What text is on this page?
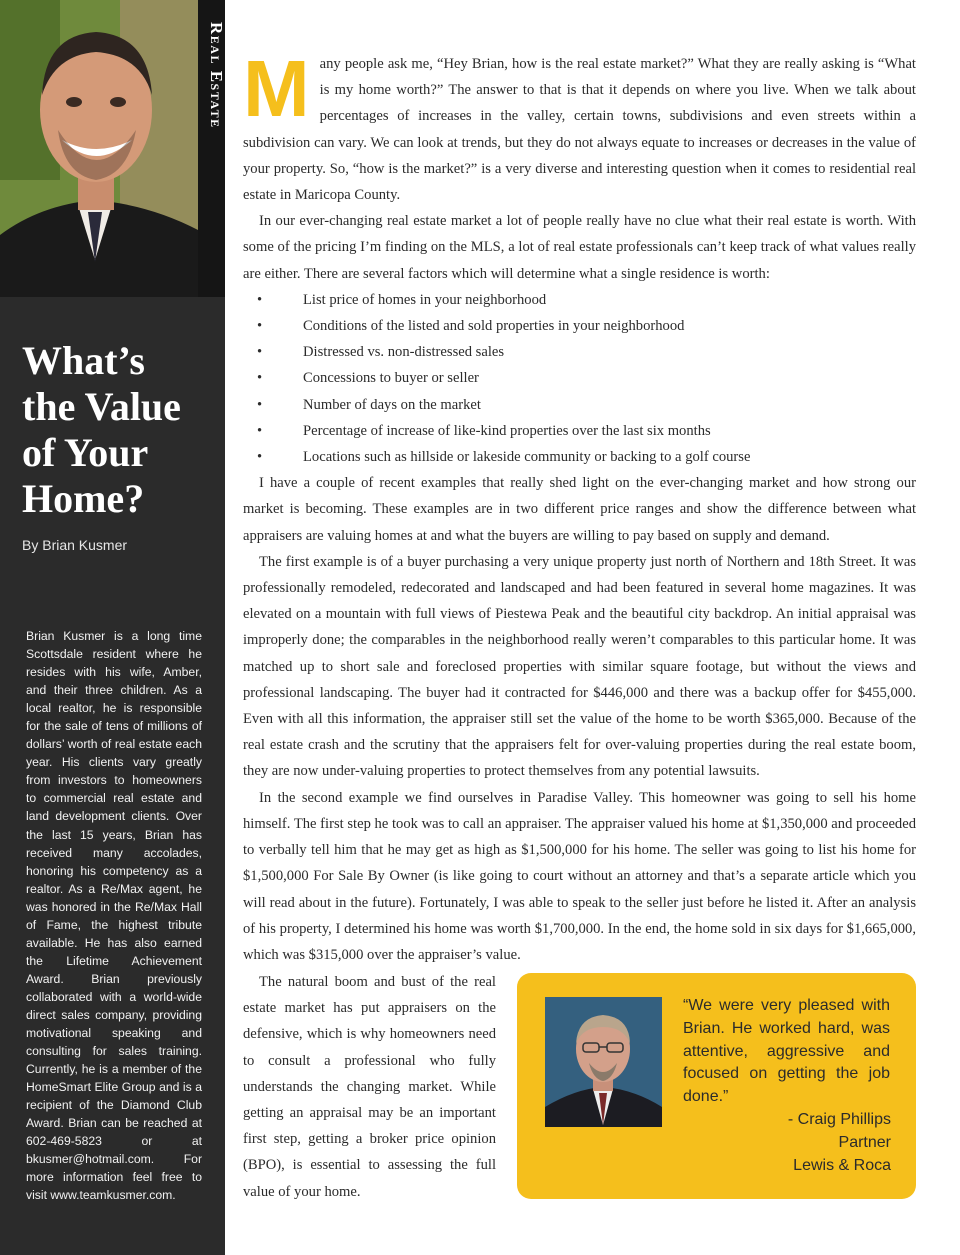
Real Estate
What’s
the Value
of Your
Home?
By Brian Kusmer
Brian Kusmer is a long time Scottsdale resident where he resides with his wife, Amber, and their three children. As a local realtor, he is responsible for the sale of tens of millions of dollars’ worth of real estate each year. His clients vary greatly from investors to homeowners to commercial real estate and land development clients. Over the last 15 years, Brian has received many accolades, honoring his competency as a realtor. As a Re/Max agent, he was honored in the Re/Max Hall of Fame, the highest tribute available. He has also earned the Lifetime Achievement Award. Brian previously collaborated with a world-wide direct sales company, providing motivational speaking and consulting for sales training. Currently, he is a member of the HomeSmart Elite Group and is a recipient of the Diamond Club Award. Brian can be reached at 602-469-5823 or at bkusmer@hotmail.com. For more information feel free to visit www.teamkusmer.com.

M any people ask me, “Hey Brian, how is the real estate market?” What they are really asking is “What is my home worth?” The answer to that is that it depends on where you live. When we talk about percentages of increases in the valley, certain towns, subdivisions and even streets within a subdivision can vary. We can look at trends, but they do not always equate to increases or decreases in the value of your property. So, “how is the market?” is a very diverse and interesting question when it comes to residential real estate in Maricopa County.

In our ever-changing real estate market a lot of people really have no clue what their real estate is worth. With some of the pricing I’m finding on the MLS, a lot of real estate professionals can’t keep track of what values really are either. There are several factors which will determine what a single residence is worth:

•	List price of homes in your neighborhood
•	Conditions of the listed and sold properties in your neighborhood
•	Distressed vs. non-distressed sales
•	Concessions to buyer or seller
•	Number of days on the market
•	Percentage of increase of like-kind properties over the last six months
•	Locations such as hillside or lakeside community or backing to a golf course

I have a couple of recent examples that really shed light on the ever-changing market and how strong our market is becoming. These examples are in two different price ranges and show the difference between what appraisers are valuing homes at and what the buyers are willing to pay based on supply and demand.

The first example is of a buyer purchasing a very unique property just north of Northern and 18th Street. It was professionally remodeled, redecorated and landscaped and had been featured in several home magazines. It was elevated on a mountain with full views of Piestewa Peak and the beautiful city backdrop. An initial appraisal was improperly done; the comparables in the neighborhood really weren’t comparables to this particular home. It was matched up to short sale and foreclosed properties with similar square footage, but without the views and professional landscaping. The buyer had it contracted for $446,000 and there was a backup offer for $455,000. Even with all this information, the appraiser still set the value of the home to be worth $365,000. Because of the real estate crash and the scrutiny that the appraisers felt for over-valuing properties during the real estate boom, they are now under-valuing properties to protect themselves from any potential lawsuits.

In the second example we find ourselves in Paradise Valley. This homeowner was going to sell his home himself. The first step he took was to call an appraiser. The appraiser valued his home at $1,350,000 and proceeded to verbally tell him that he may get as high as $1,500,000 for his home. The seller was going to list his home for $1,500,000 For Sale By Owner (is like going to court without an attorney and that’s a separate article which you will read about in the future). Fortunately, I was able to speak to the seller just before he listed it. After an analysis of his property, I determined his home was worth $1,700,000. In the end, the home sold in six days for $1,665,000, which was $315,000 over the appraiser’s value.

The natural boom and bust of the real estate market has put appraisers on the defensive, which is why homeowners need to consult a professional who fully understands the changing market. While getting an appraisal may be an important first step, getting a broker price opinion (BPO), is essential to assessing the full value of your home.

“We were very pleased with Brian. He worked hard, was attentive, aggressive and focused on getting the job done.”
- Craig Phillips
Partner
Lewis & Roca
